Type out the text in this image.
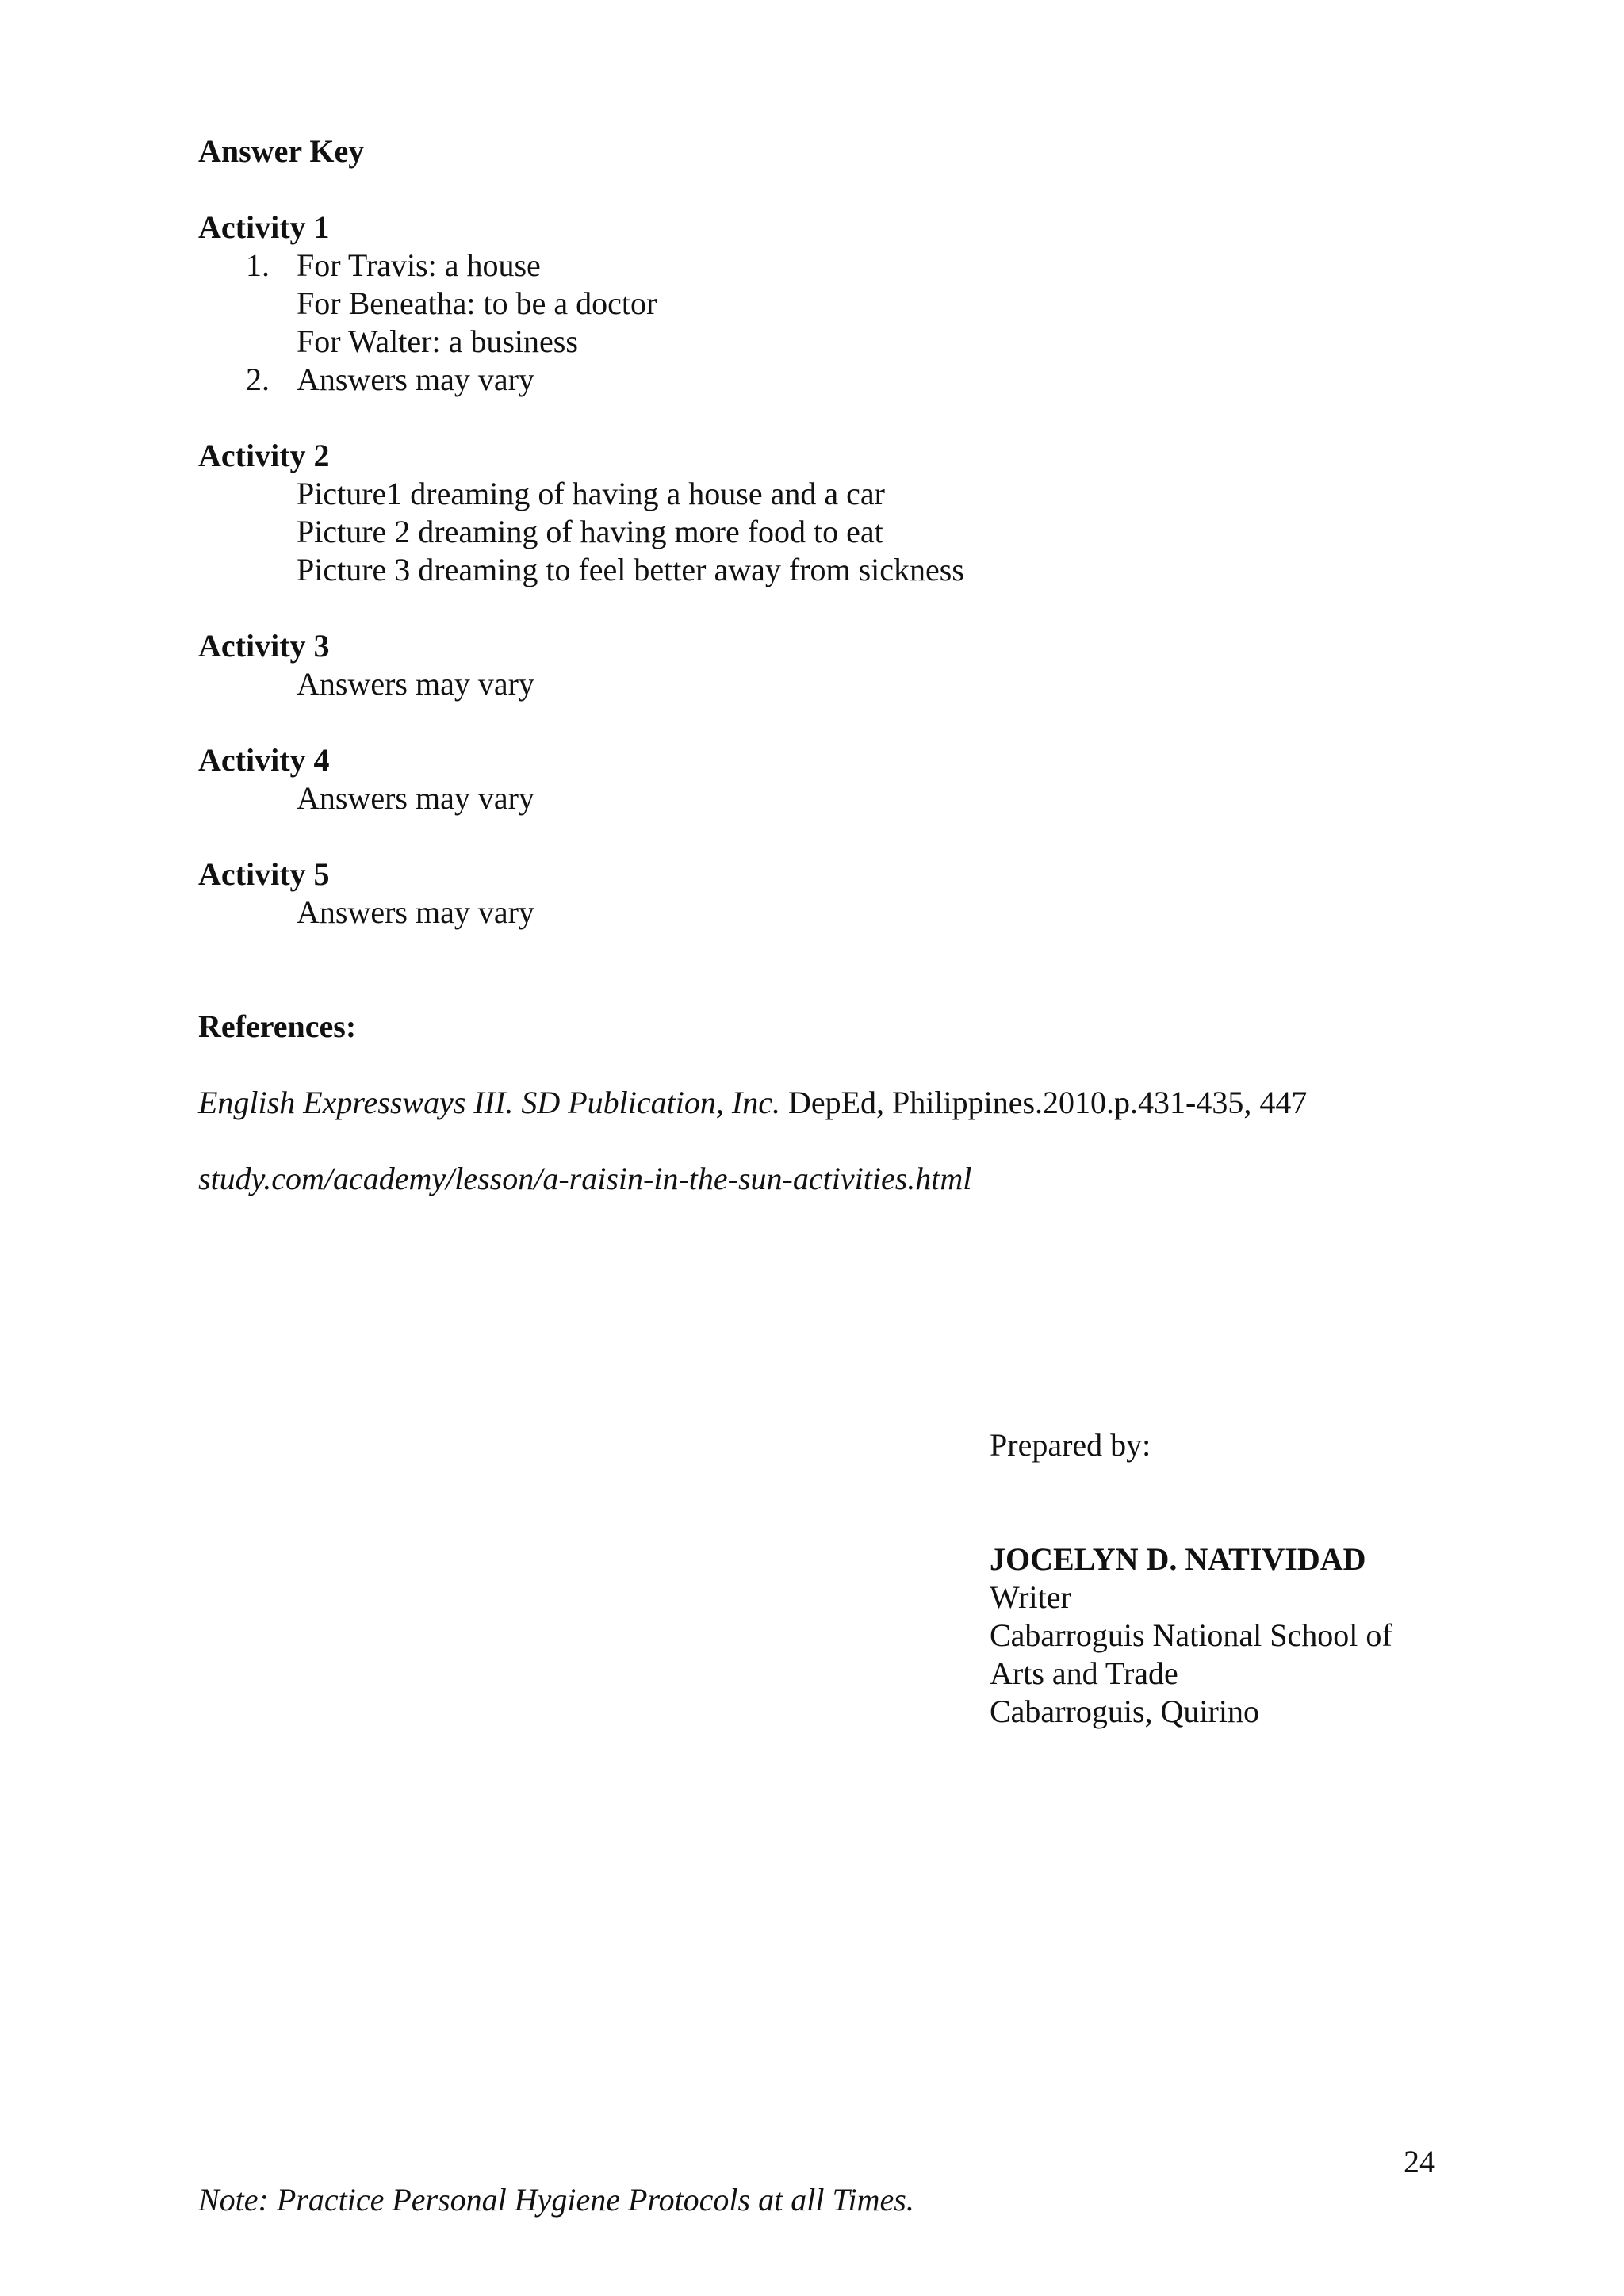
Answer Key
Activity 1
1. For Travis: a house
For Beneatha: to be a doctor
For Walter: a business
2. Answers may vary
Activity 2
Picture1 dreaming of having a house and a car
Picture 2 dreaming of having more food to eat
Picture 3 dreaming to feel better away from sickness
Activity 3
Answers may vary
Activity 4
Answers may vary
Activity 5
Answers may vary
References:
English Expressways III. SD Publication, Inc. DepEd, Philippines.2010.p.431-435, 447
study.com/academy/lesson/a-raisin-in-the-sun-activities.html
Prepared by:
JOCELYN D. NATIVIDAD
Writer
Cabarroguis National School of
Arts and Trade
Cabarroguis, Quirino
24
Note: Practice Personal Hygiene Protocols at all Times.
